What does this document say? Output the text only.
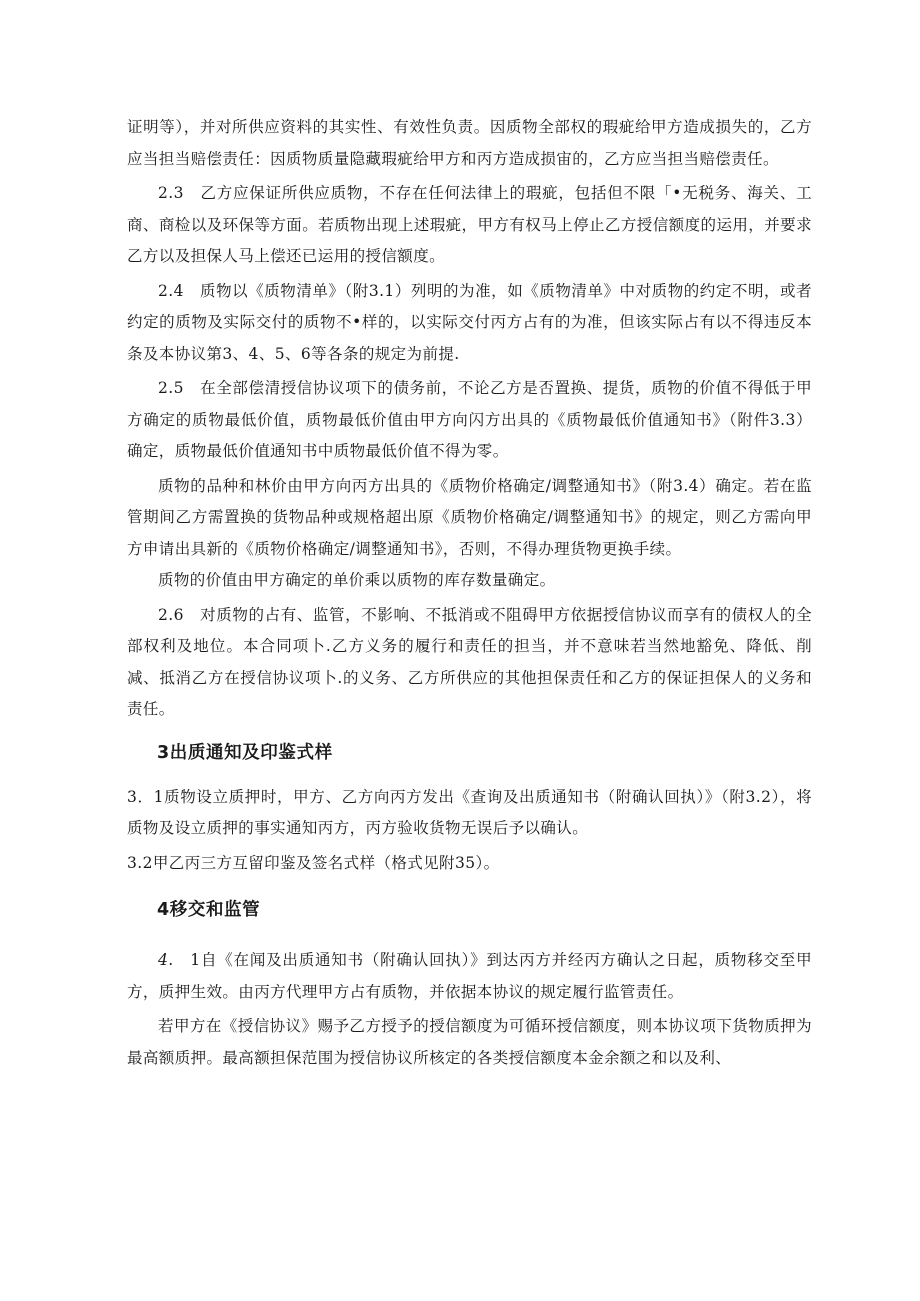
证明等），并对所供应资料的其实性、有效性负责。因质物全部权的瑕疵给甲方造成损失的，乙方应当担当赔偿责任：因质物质量隐藏瑕疵给甲方和丙方造成损宙的，乙方应当担当赔偿责任。

2.3　乙方应保证所供应质物，不存在任何法律上的瑕疵，包括但不限「•无税务、海关、工商、商检以及环保等方面。若质物出现上述瑕疵，甲方有权马上停止乙方授信额度的运用，并要求乙方以及担保人马上偿还已运用的授信额度。

2.4　质物以《质物清单》（附3.1）列明的为准，如《质物清单》中对质物的约定不明，或者约定的质物及实际交付的质物不•样的，以实际交付丙方占有的为准，但该实际占有以不得违反本条及本协议第3、4、5、6等各条的规定为前提.

2.5　在全部偿清授信协议项下的债务前，不论乙方是否置换、提货，质物的价值不得低于甲方确定的质物最低价值，质物最低价值由甲方向闪方出具的《质物最低价值通知书》（附件3.3）确定，质物最低价值通知书中质物最低价值不得为零。

质物的品种和林价由甲方向丙方出具的《质物价格确定/调整通知书》（附3.4）确定。若在监管期间乙方需置换的货物品种或规格超出原《质物价格确定/调整通知书》的规定，则乙方需向甲方申请出具新的《质物价格确定/调整通知书》，否则，不得办理货物更换手续。

质物的价值由甲方确定的单价乘以质物的库存数量确定。

2.6　对质物的占有、监管，不影响、不抵消或不阻碍甲方依据授信协议而享有的债权人的全部权利及地位。本合同项卜.乙方义务的履行和责任的担当，并不意味若当然地豁免、降低、削减、抵消乙方在授信协议项卜.的义务、乙方所供应的其他担保责任和乙方的保证担保人的义务和责任。

3出质通知及印鉴式样

3．1质物设立质押时，甲方、乙方向丙方发出《查询及出质通知书（附确认回执）》（附3.2），将质物及设立质押的事实通知丙方，丙方验收货物无误后予以确认。

3.2甲乙丙三方互留印鉴及签名式样（格式见附35）。

4移交和监管

4.　1自《在闻及出质通知书（附确认回执）》到达丙方并经丙方确认之日起，质物移交至甲方，质押生效。由丙方代理甲方占有质物，并依据本协议的规定履行监管责任。

若甲方在《授信协议》赐予乙方授予的授信额度为可循环授信额度，则本协议项下货物质押为最高额质押。最高额担保范围为授信协议所核定的各类授信额度本金余额之和以及利、
